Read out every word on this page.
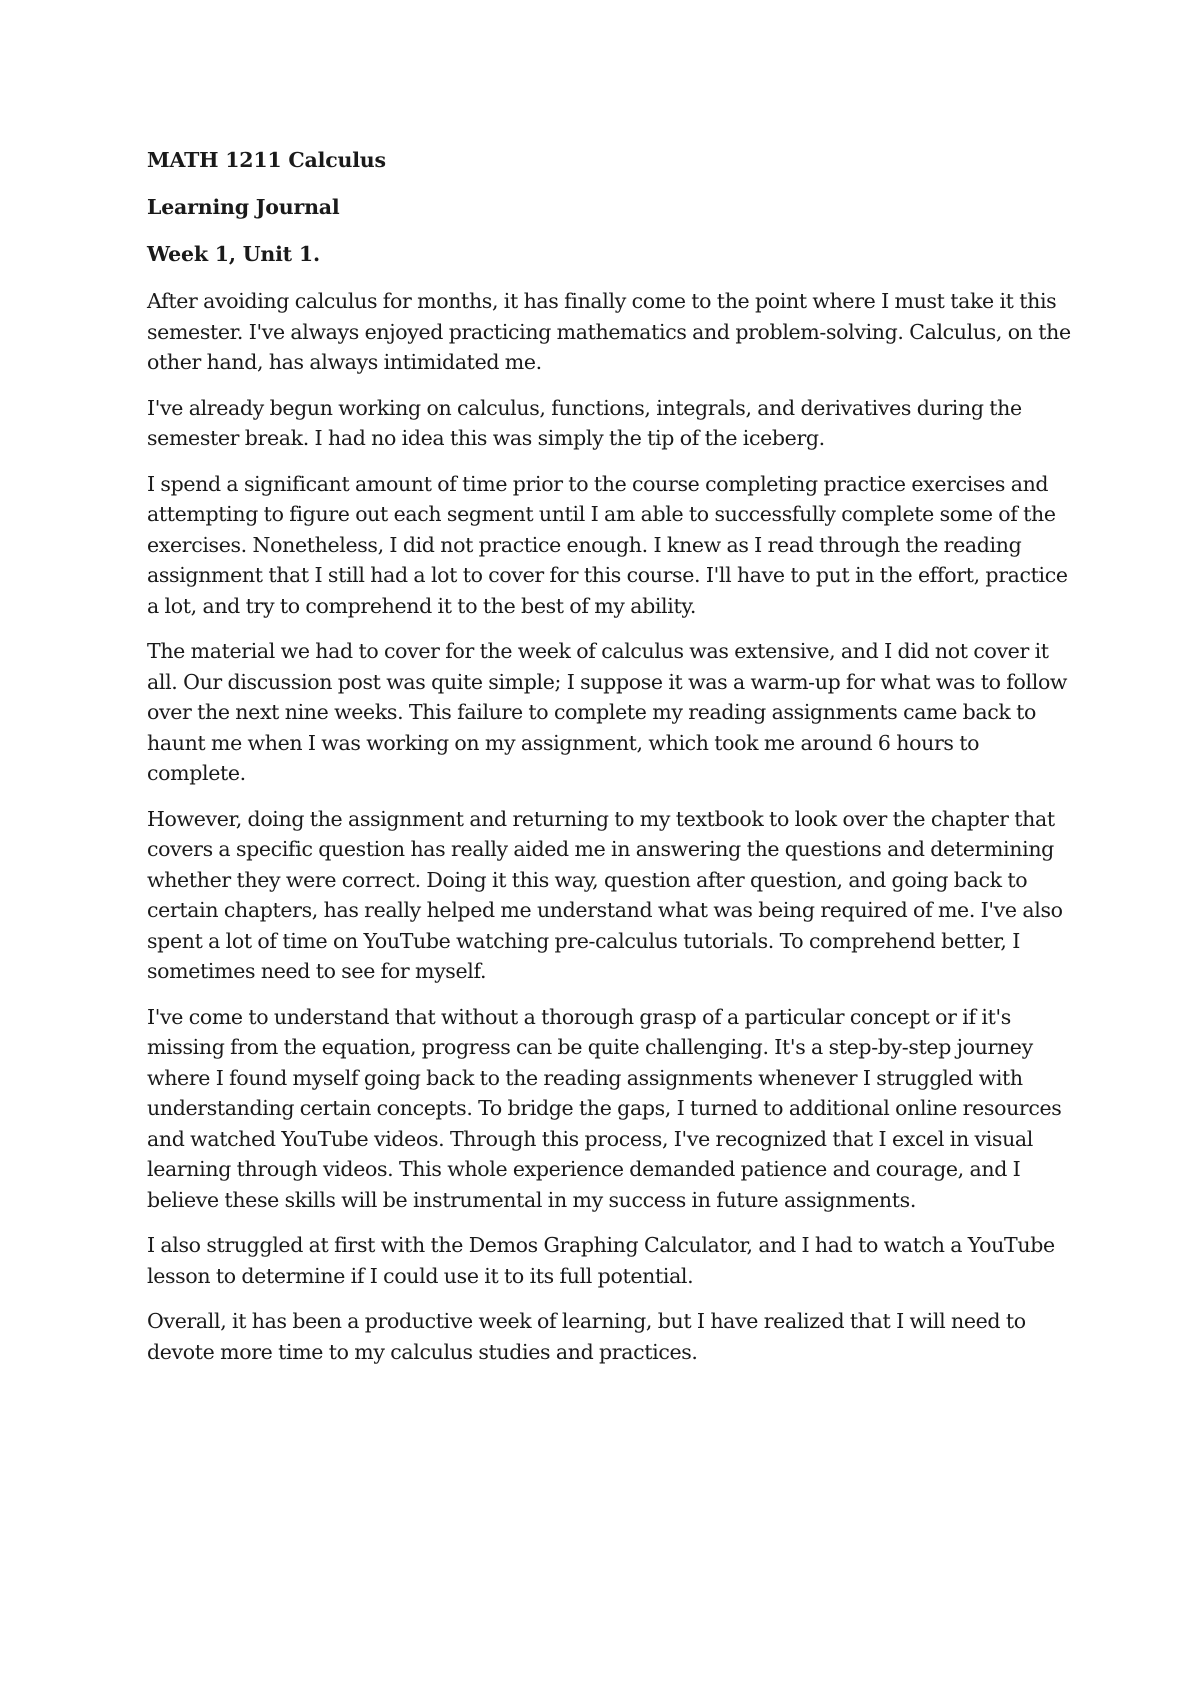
MATH 1211 Calculus
Learning Journal
Week 1, Unit 1.

After avoiding calculus for months, it has finally come to the point where I must take it this semester. I've always enjoyed practicing mathematics and problem-solving. Calculus, on the other hand, has always intimidated me.

I've already begun working on calculus, functions, integrals, and derivatives during the semester break. I had no idea this was simply the tip of the iceberg.

I spend a significant amount of time prior to the course completing practice exercises and attempting to figure out each segment until I am able to successfully complete some of the exercises. Nonetheless, I did not practice enough. I knew as I read through the reading assignment that I still had a lot to cover for this course. I'll have to put in the effort, practice a lot, and try to comprehend it to the best of my ability.

The material we had to cover for the week of calculus was extensive, and I did not cover it all. Our discussion post was quite simple; I suppose it was a warm-up for what was to follow over the next nine weeks. This failure to complete my reading assignments came back to haunt me when I was working on my assignment, which took me around 6 hours to complete.

However, doing the assignment and returning to my textbook to look over the chapter that covers a specific question has really aided me in answering the questions and determining whether they were correct. Doing it this way, question after question, and going back to certain chapters, has really helped me understand what was being required of me. I've also spent a lot of time on YouTube watching pre-calculus tutorials. To comprehend better, I sometimes need to see for myself.

I've come to understand that without a thorough grasp of a particular concept or if it's missing from the equation, progress can be quite challenging. It's a step-by-step journey where I found myself going back to the reading assignments whenever I struggled with understanding certain concepts. To bridge the gaps, I turned to additional online resources and watched YouTube videos. Through this process, I've recognized that I excel in visual learning through videos. This whole experience demanded patience and courage, and I believe these skills will be instrumental in my success in future assignments.

I also struggled at first with the Demos Graphing Calculator, and I had to watch a YouTube lesson to determine if I could use it to its full potential.

Overall, it has been a productive week of learning, but I have realized that I will need to devote more time to my calculus studies and practices.
